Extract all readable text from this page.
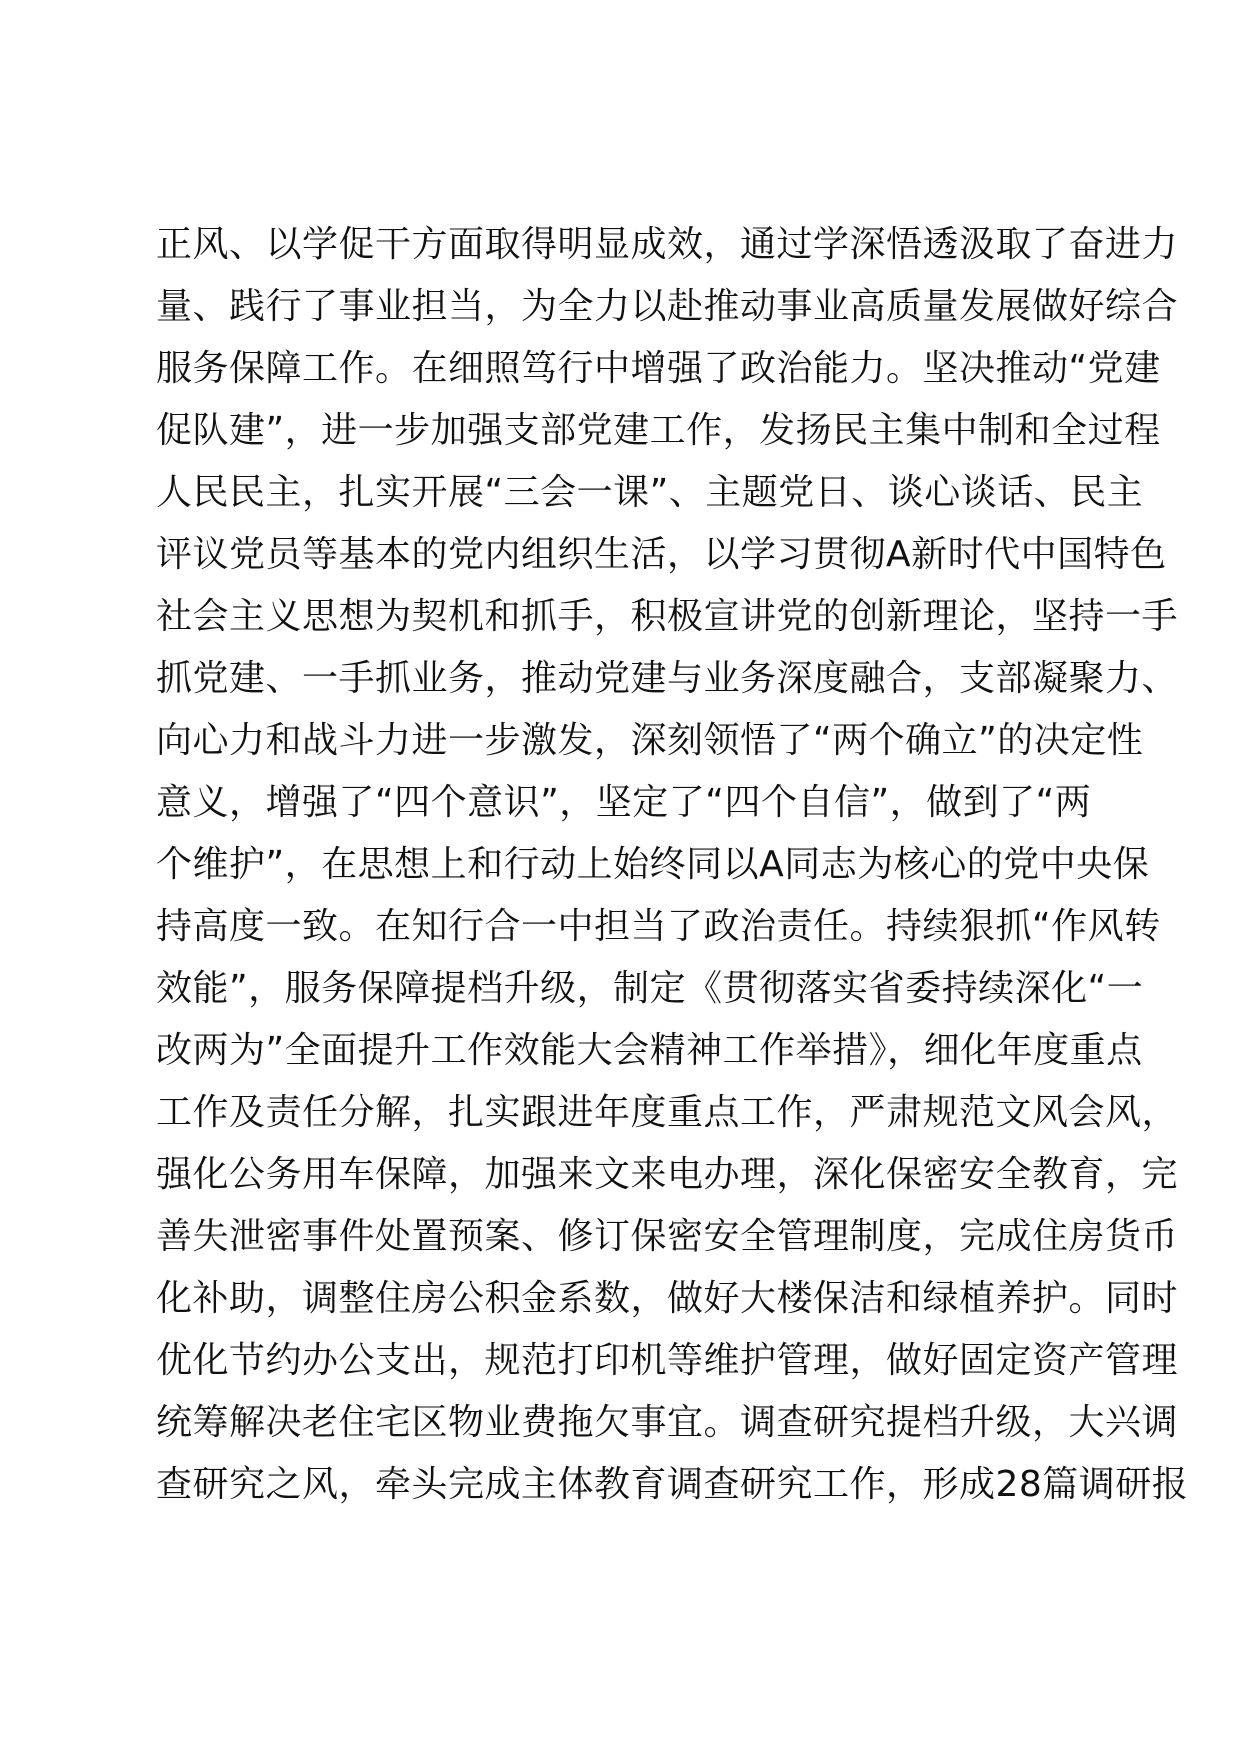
正风、以学促干方面取得明显成效，通过学深悟透汲取了奋进力
量、践行了事业担当，为全力以赴推动事业高质量发展做好综合
服务保障工作。在细照笃行中增强了政治能力。坚决推动“党建
促队建”，进一步加强支部党建工作，发扬民主集中制和全过程
人民民主，扎实开展“三会一课”、主题党日、谈心谈话、民主
评议党员等基本的党内组织生活，以学习贯彻A新时代中国特色
社会主义思想为契机和抓手，积极宣讲党的创新理论，坚持一手
抓党建、一手抓业务，推动党建与业务深度融合，支部凝聚力、
向心力和战斗力进一步激发，深刻领悟了“两个确立”的决定性
意义，增强了“四个意识”，坚定了“四个自信”，做到了“两
个维护”，在思想上和行动上始终同以A同志为核心的党中央保
持高度一致。在知行合一中担当了政治责任。持续狠抓“作风转
效能”，服务保障提档升级，制定《贯彻落实省委持续深化“一
改两为”全面提升工作效能大会精神工作举措》，细化年度重点
工作及责任分解，扎实跟进年度重点工作，严肃规范文风会风，
强化公务用车保障，加强来文来电办理，深化保密安全教育，完
善失泄密事件处置预案、修订保密安全管理制度，完成住房货币
化补助，调整住房公积金系数，做好大楼保洁和绿植养护。同时
优化节约办公支出，规范打印机等维护管理，做好固定资产管理
统筹解决老住宅区物业费拖欠事宜。调查研究提档升级，大兴调
查研究之风，牵头完成主体教育调查研究工作，形成28篇调研报
